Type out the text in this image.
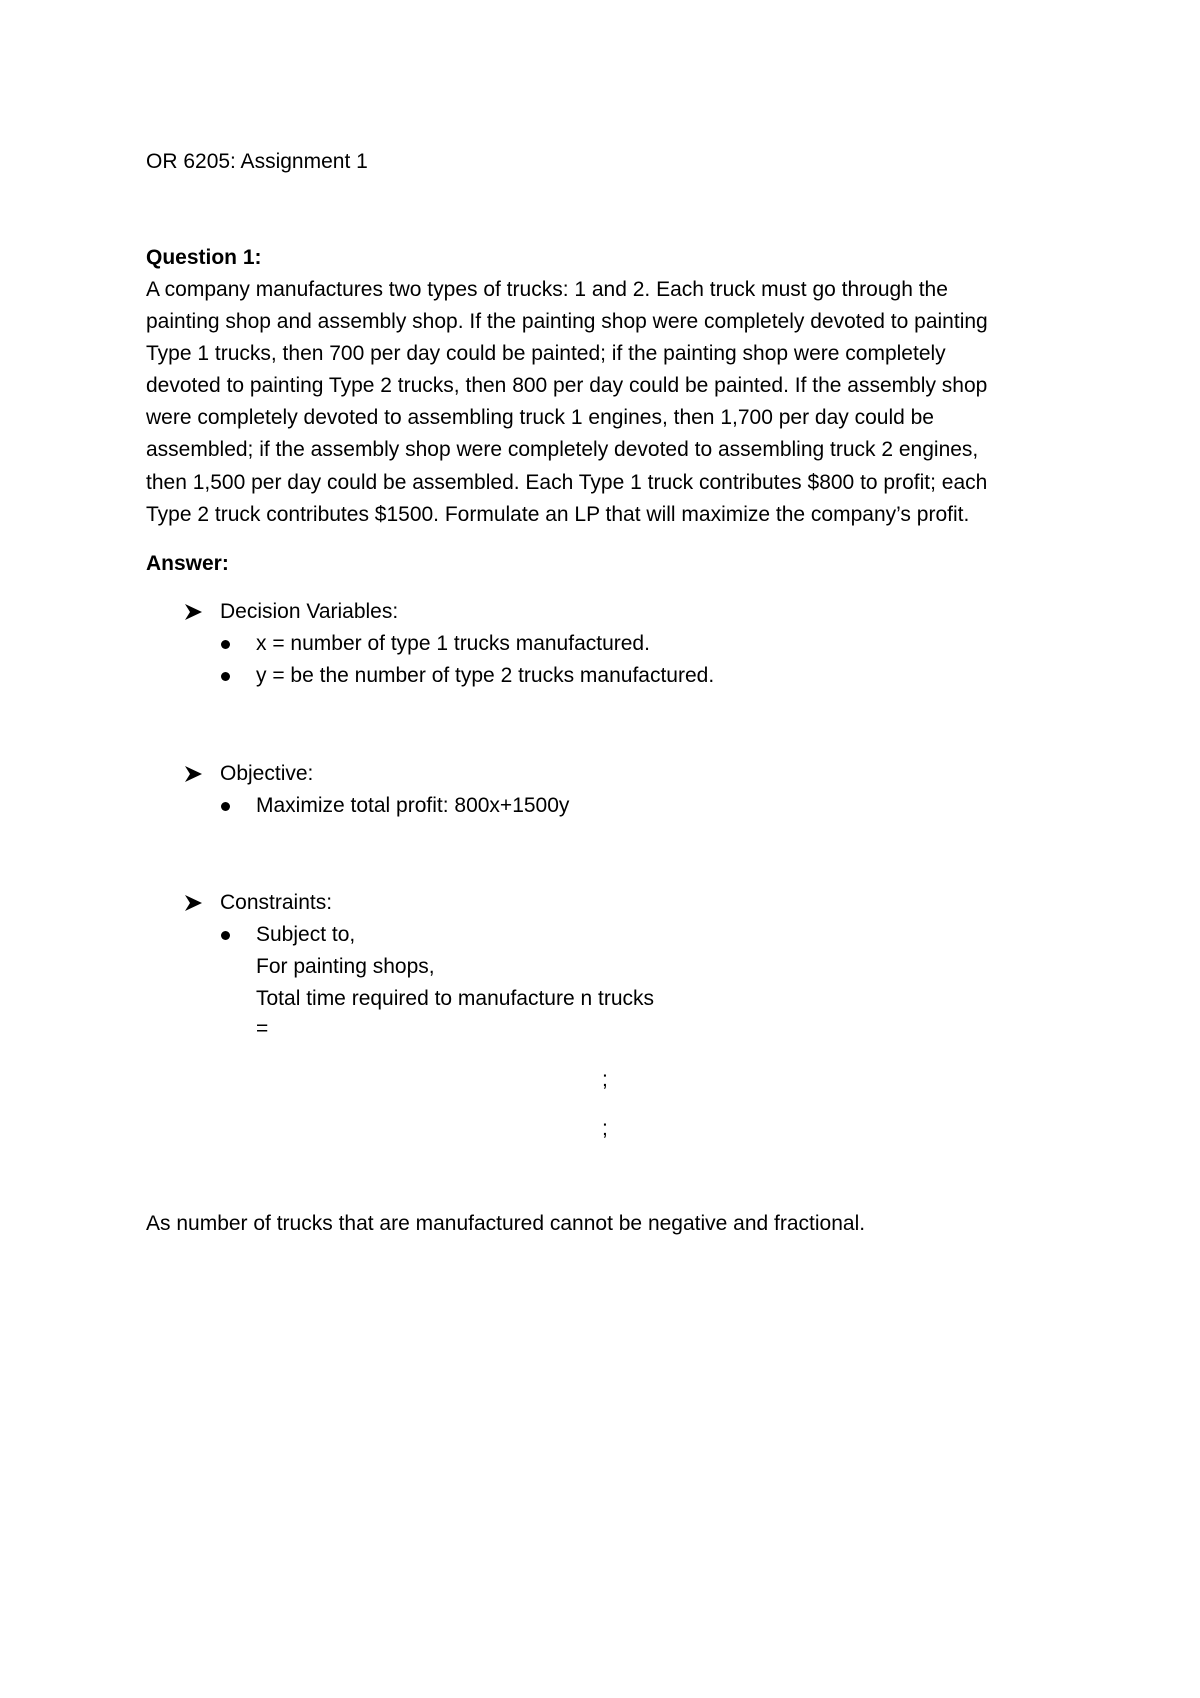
OR 6205: Assignment 1
Question 1:
A company manufactures two types of trucks: 1 and 2. Each truck must go through the
painting shop and assembly shop. If the painting shop were completely devoted to painting
Type 1 trucks, then 700 per day could be painted; if the painting shop were completely
devoted to painting Type 2 trucks, then 800 per day could be painted. If the assembly shop
were completely devoted to assembling truck 1 engines, then 1,700 per day could be
assembled; if the assembly shop were completely devoted to assembling truck 2 engines,
then 1,500 per day could be assembled. Each Type 1 truck contributes $800 to profit; each
Type 2 truck contributes $1500. Formulate an LP that will maximize the company’s profit.
Answer:
Decision Variables:
x = number of type 1 trucks manufactured.
y = be the number of type 2 trucks manufactured.
Objective:
Maximize total profit: 800x+1500y
Constraints:
Subject to,
For painting shops,
Total time required to manufacture n trucks
=
;
;
As number of trucks that are manufactured cannot be negative and fractional.
